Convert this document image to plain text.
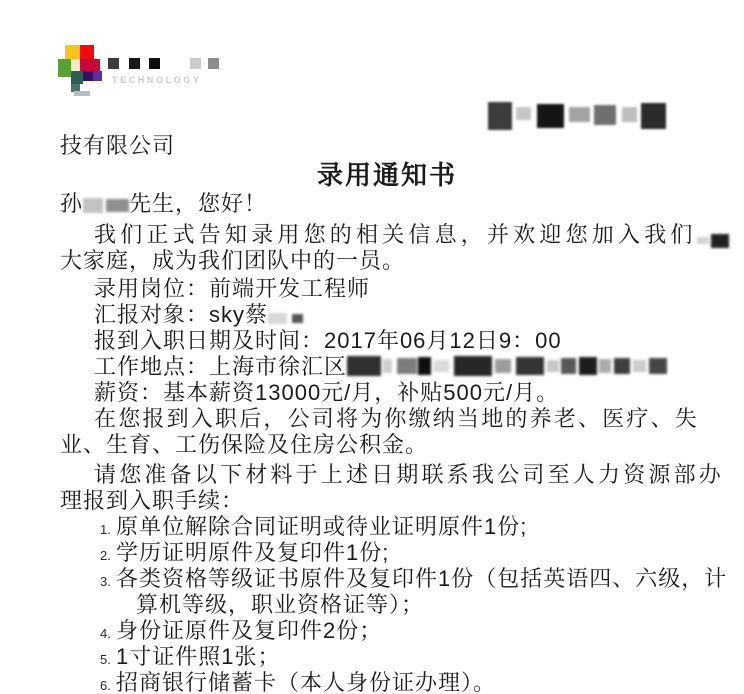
TECHNOLOGY

技有限公司

录用通知书

孙 先生，您好！

我们正式告知录用您的相关信息，并欢迎您加入我们

大家庭，成为我们团队中的一员。

录用岗位：前端开发工程师

汇报对象：sky蔡

报到入职日期及时间：2017年06月12日9：00

工作地点：上海市徐汇区

薪资：基本薪资13000元/月，补贴500元/月。

在您报到入职后，公司将为你缴纳当地的养老、医疗、失

业、生育、工伤保险及住房公积金。

请您准备以下材料于上述日期联系我公司至人力资源部办

理报到入职手续：

1. 原单位解除合同证明或待业证明原件1份;

2. 学历证明原件及复印件1份;

3. 各类资格等级证书原件及复印件1份（包括英语四、六级，计

算机等级，职业资格证等）；

4. 身份证原件及复印件2份；

5. 1寸证件照1张；

6. 招商银行储蓄卡（本人身份证办理）。
